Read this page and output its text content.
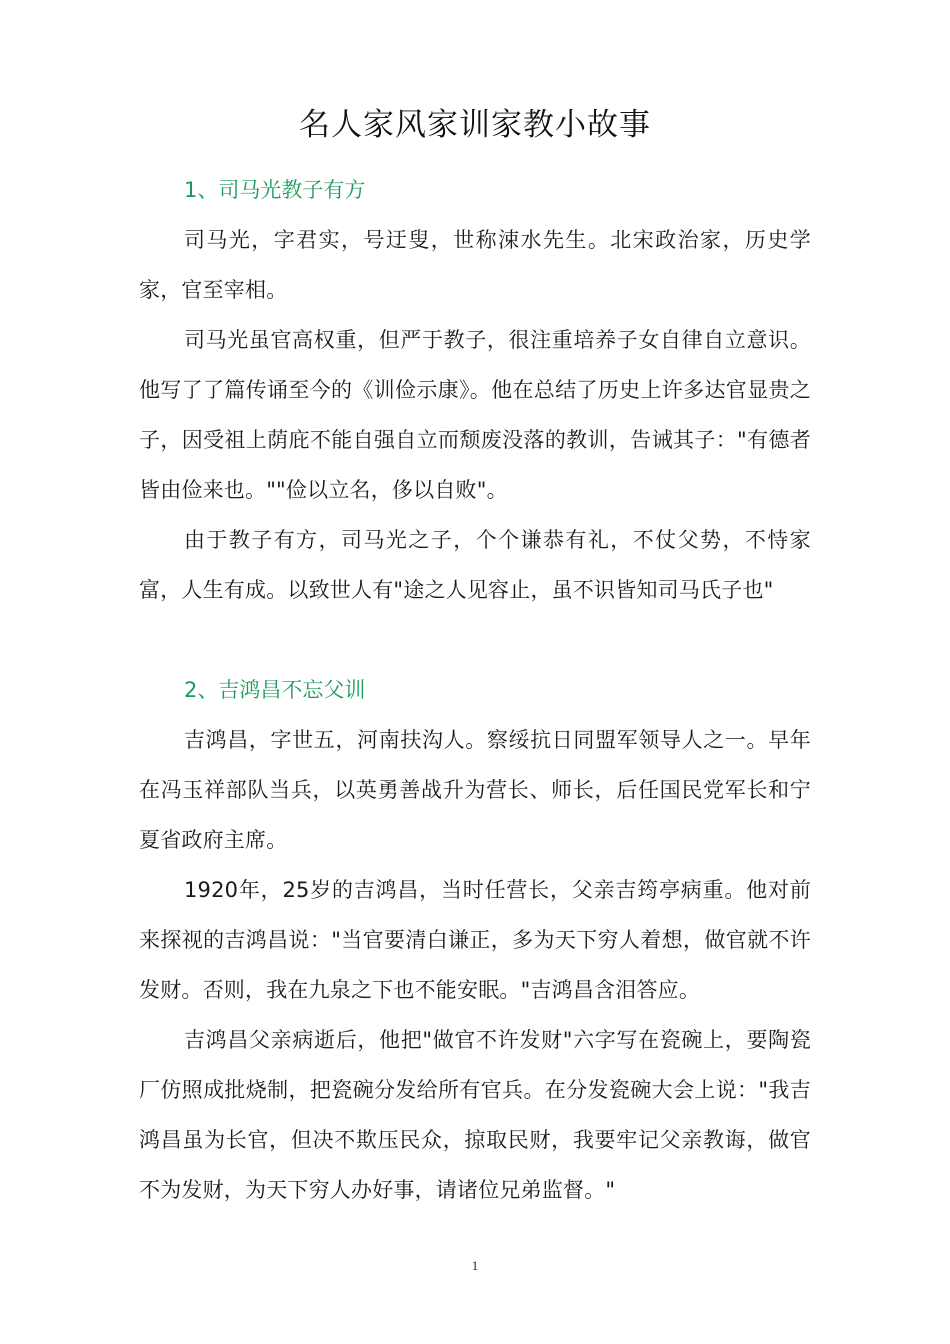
名人家风家训家教小故事

1、司马光教子有方

司马光，字君实，号迂叟，世称涑水先生。北宋政治家，历史学家，官至宰相。

司马光虽官高权重，但严于教子，很注重培养子女自律自立意识。他写了了篇传诵至今的《训俭示康》。他在总结了历史上许多达官显贵之子，因受祖上荫庇不能自强自立而颓废没落的教训，告诫其子："有德者皆由俭来也。""俭以立名，侈以自败"。

由于教子有方，司马光之子，个个谦恭有礼，不仗父势，不恃家富，人生有成。以致世人有"途之人见容止，虽不识皆知司马氏子也"

2、吉鸿昌不忘父训

吉鸿昌，字世五，河南扶沟人。察绥抗日同盟军领导人之一。早年在冯玉祥部队当兵，以英勇善战升为营长、师长，后任国民党军长和宁夏省政府主席。

1920年，25岁的吉鸿昌，当时任营长，父亲吉筠亭病重。他对前来探视的吉鸿昌说："当官要清白谦正，多为天下穷人着想，做官就不许发财。否则，我在九泉之下也不能安眠。"吉鸿昌含泪答应。

吉鸿昌父亲病逝后，他把"做官不许发财"六字写在瓷碗上，要陶瓷厂仿照成批烧制，把瓷碗分发给所有官兵。在分发瓷碗大会上说："我吉鸿昌虽为长官，但决不欺压民众，掠取民财，我要牢记父亲教诲，做官不为发财，为天下穷人办好事，请诸位兄弟监督。"

1
